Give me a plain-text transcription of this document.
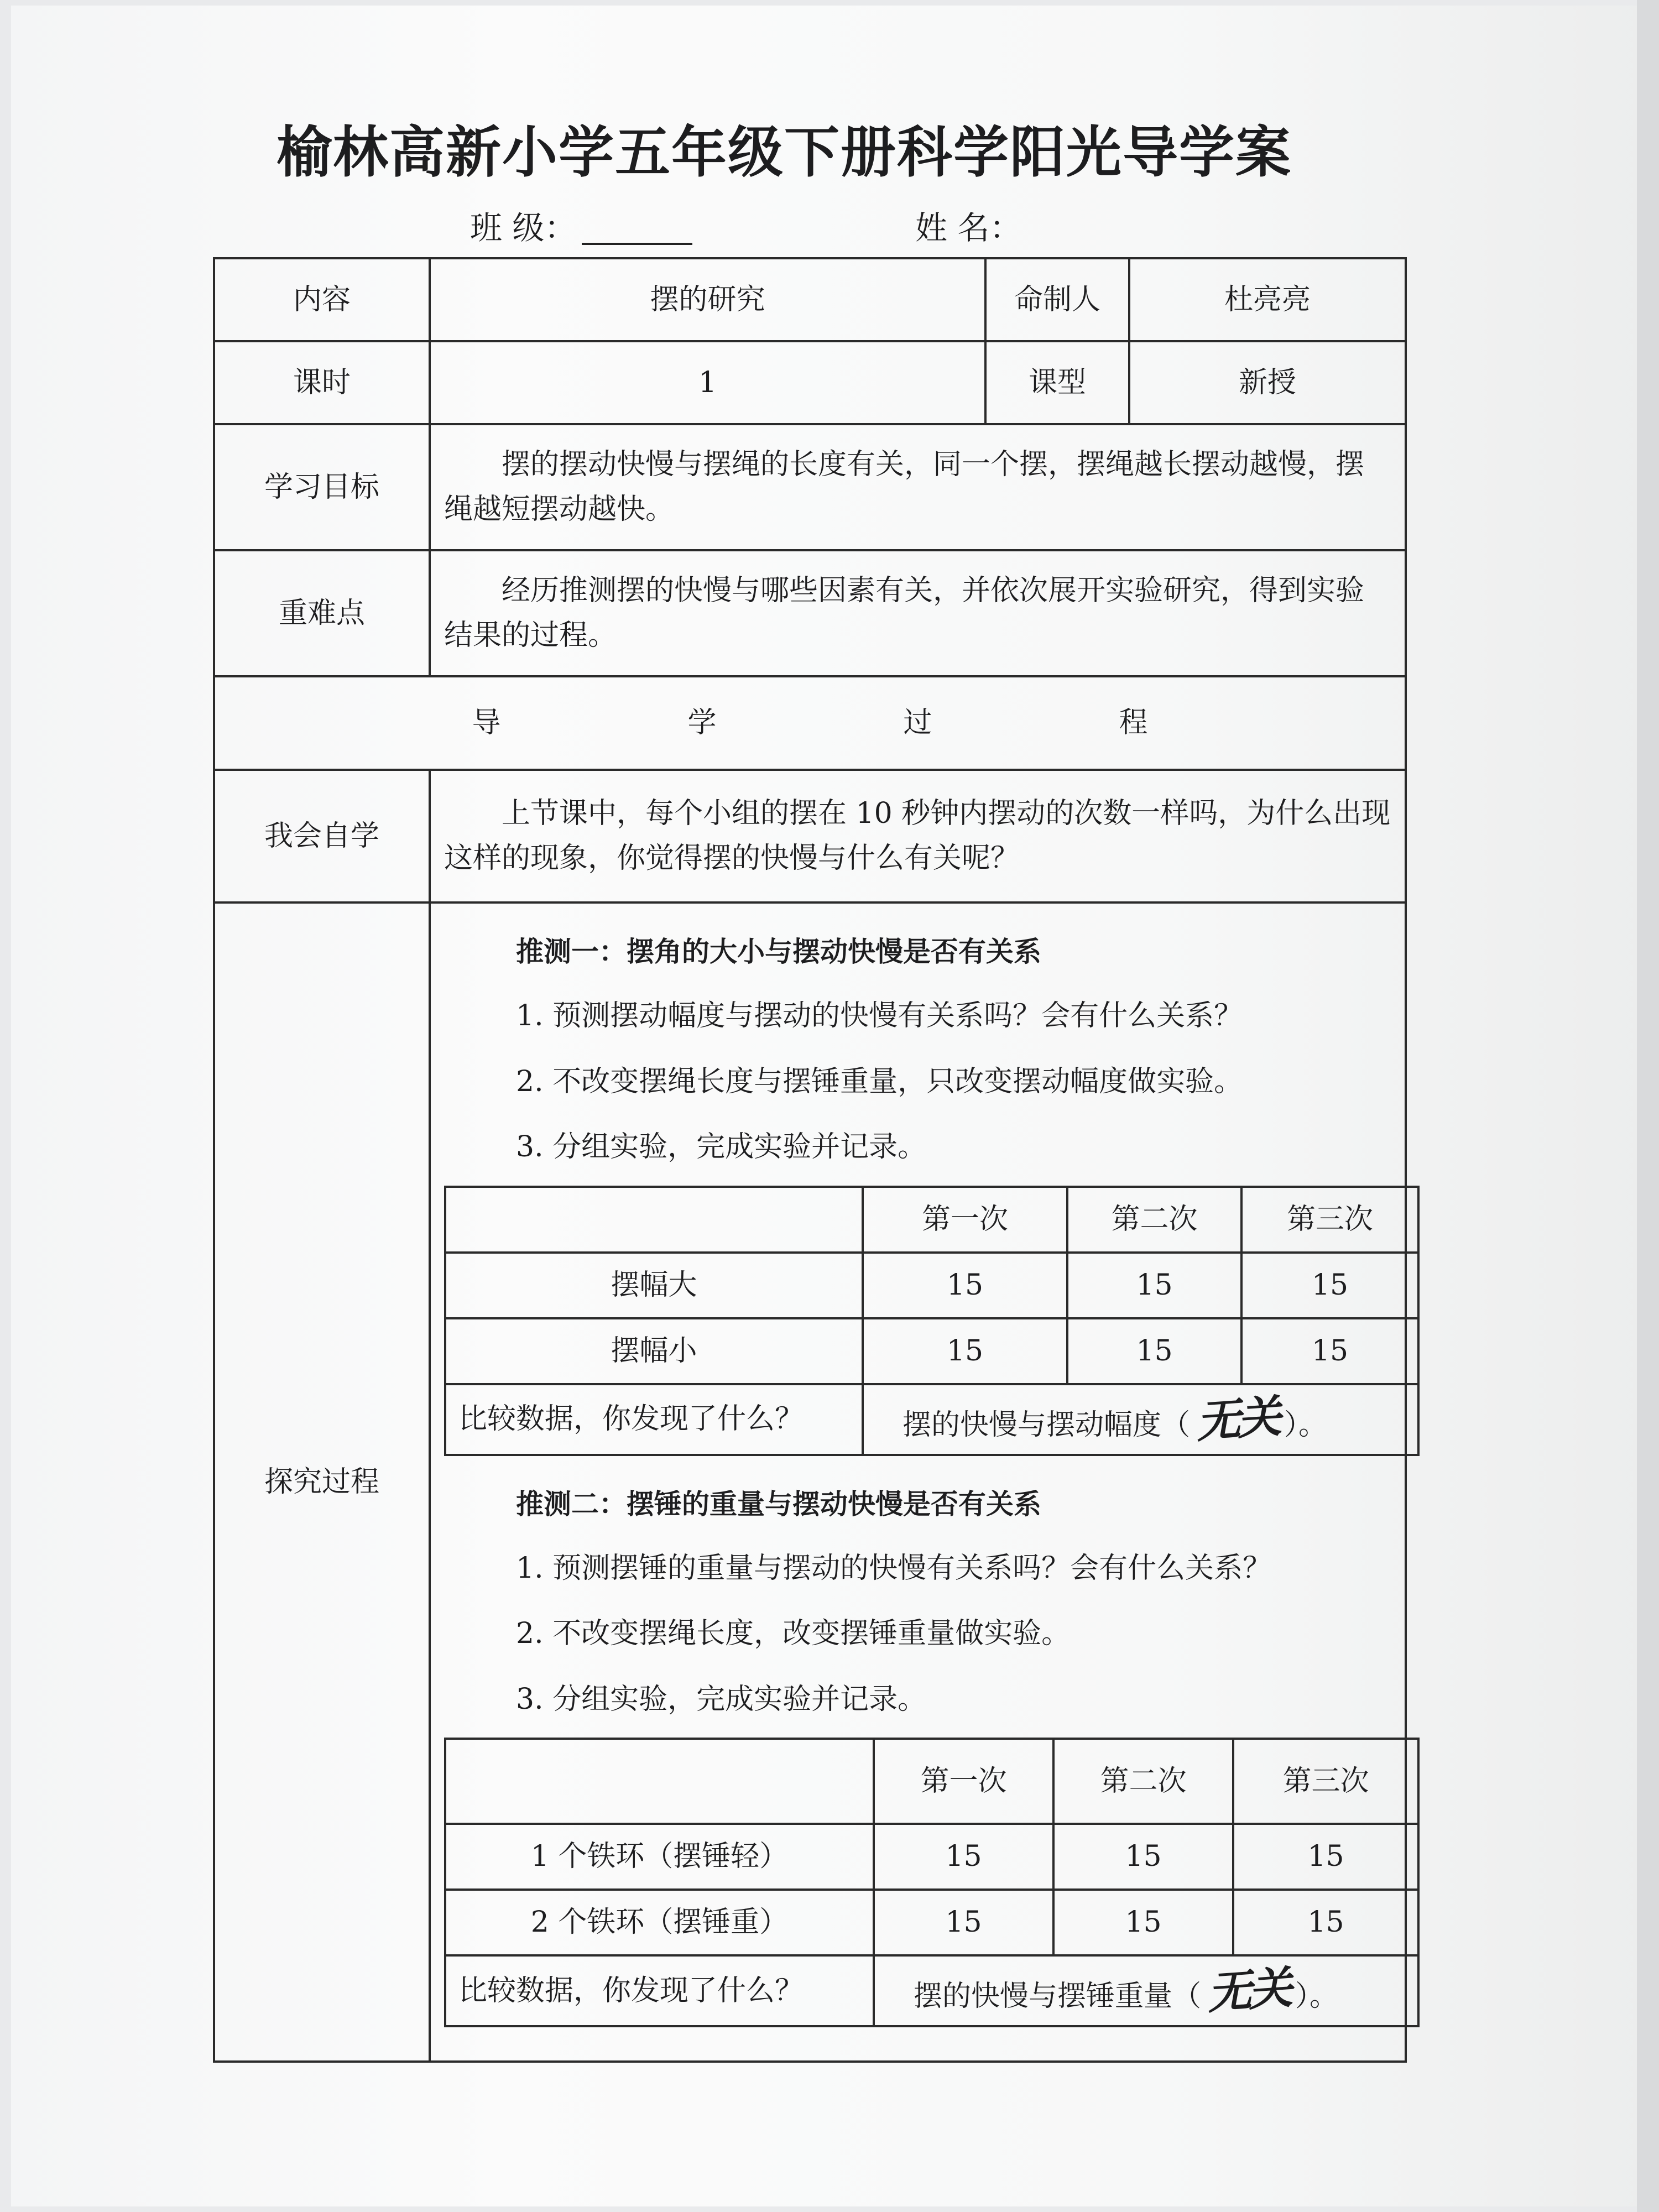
榆林高新小学五年级下册科学阳光导学案
班 级：	姓 名：
内容	摆的研究	命制人	杜亮亮
课时	1	课型	新授
学习目标	摆的摆动快慢与摆绳的长度有关，同一个摆，摆绳越长摆动越慢，摆绳越短摆动越快。
重难点	经历推测摆的快慢与哪些因素有关，并依次展开实验研究，得到实验结果的过程。
导	学	过	程
我会自学	上节课中，每个小组的摆在 10 秒钟内摆动的次数一样吗，为什么出现这样的现象，你觉得摆的快慢与什么有关呢？
探究过程	
推测一：摆角的大小与摆动快慢是否有关系
1. 预测摆动幅度与摆动的快慢有关系吗？会有什么关系？
2. 不改变摆绳长度与摆锤重量，只改变摆动幅度做实验。
3. 分组实验，完成实验并记录。
	第一次	第二次	第三次
摆幅大	15	15	15
摆幅小	15	15	15
比较数据，你发现了什么？	摆的快慢与摆动幅度（无关 ）。
推测二：摆锤的重量与摆动快慢是否有关系
1. 预测摆锤的重量与摆动的快慢有关系吗？会有什么关系？
2. 不改变摆绳长度，改变摆锤重量做实验。
3. 分组实验，完成实验并记录。
	第一次	第二次	第三次
1 个铁环（摆锤轻）	15	15	15
2 个铁环（摆锤重）	15	15	15
比较数据，你发现了什么？	摆的快慢与摆锤重量（无关 ）。
